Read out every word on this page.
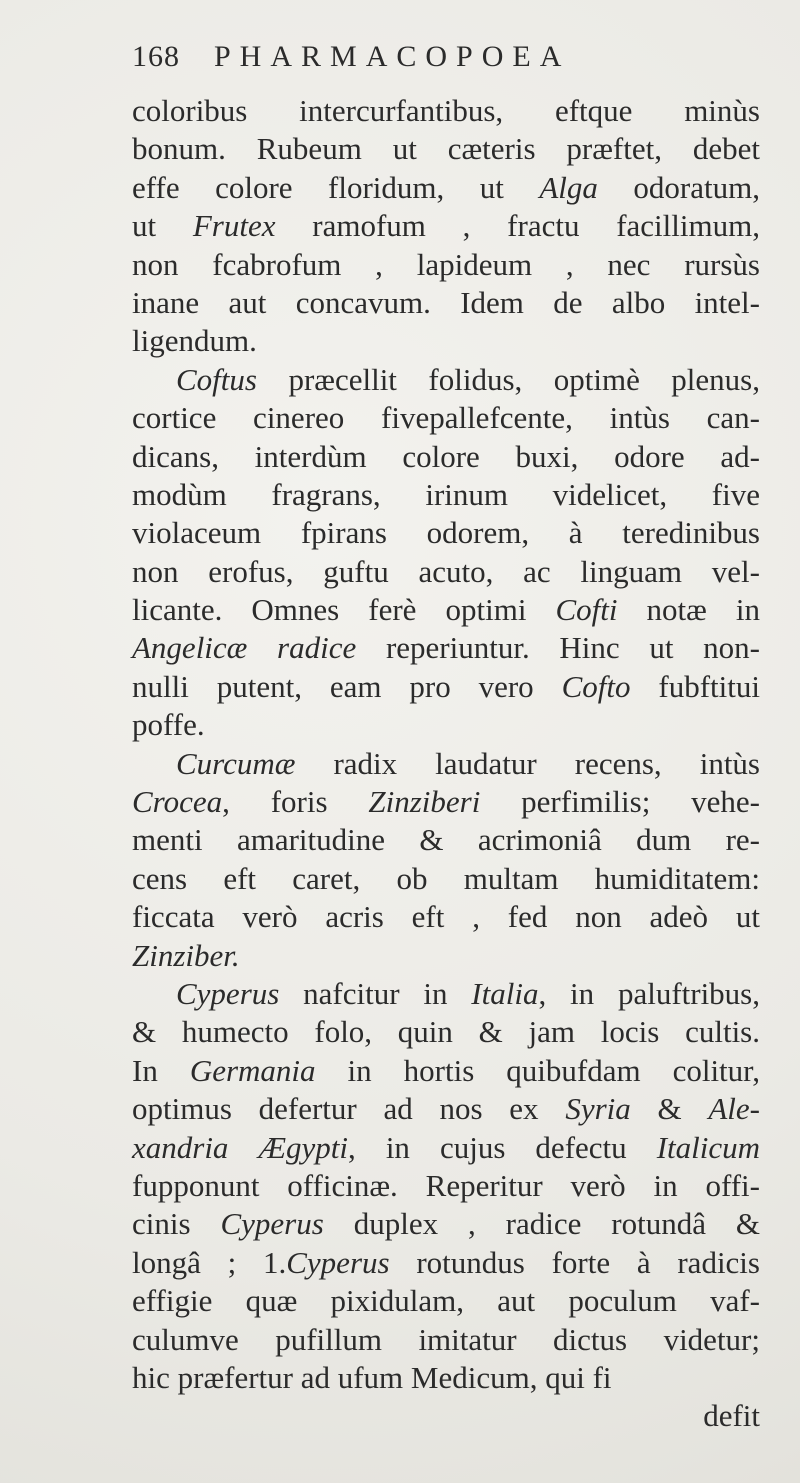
168 PHARMACOPOEA
coloribus intercurfantibus, eftque minùs
bonum. Rubeum ut cæteris præftet, debet
effe colore floridum, ut Alga odoratum,
ut Frutex ramofum , fractu facillimum,
non fcabrofum , lapideum , nec rursùs
inane aut concavum. Idem de albo intel-
ligendum.
Coftus præcellit folidus, optimè plenus,
cortice cinereo fivepallefcente, intùs can-
dicans, interdùm colore buxi, odore ad-
modùm fragrans, irinum videlicet, five
violaceum fpirans odorem, à teredinibus
non erofus, guftu acuto, ac linguam vel-
licante. Omnes ferè optimi Cofti notæ in
Angelicæ radice reperiuntur. Hinc ut non-
nulli putent, eam pro vero Cofto fubftitui
poffe.
Curcumæ radix laudatur recens, intùs
Crocea, foris Zinziberi perfimilis; vehe-
menti amaritudine & acrimoniâ dum re-
cens eft caret, ob multam humiditatem:
ficcata verò acris eft , fed non adeò ut
Zinziber.
Cyperus nafcitur in Italia, in paluftribus,
& humecto folo, quin & jam locis cultis.
In Germania in hortis quibufdam colitur,
optimus defertur ad nos ex Syria & Ale-
xandria Ægypti, in cujus defectu Italicum
fupponunt officinæ. Reperitur verò in offi-
cinis Cyperus duplex , radice rotundâ &
longâ ; 1.Cyperus rotundus forte à radicis
effigie quæ pixidulam, aut poculum vaf-
culumve pufillum imitatur dictus videtur;
hic præfertur ad ufum Medicum, qui fi
defit
